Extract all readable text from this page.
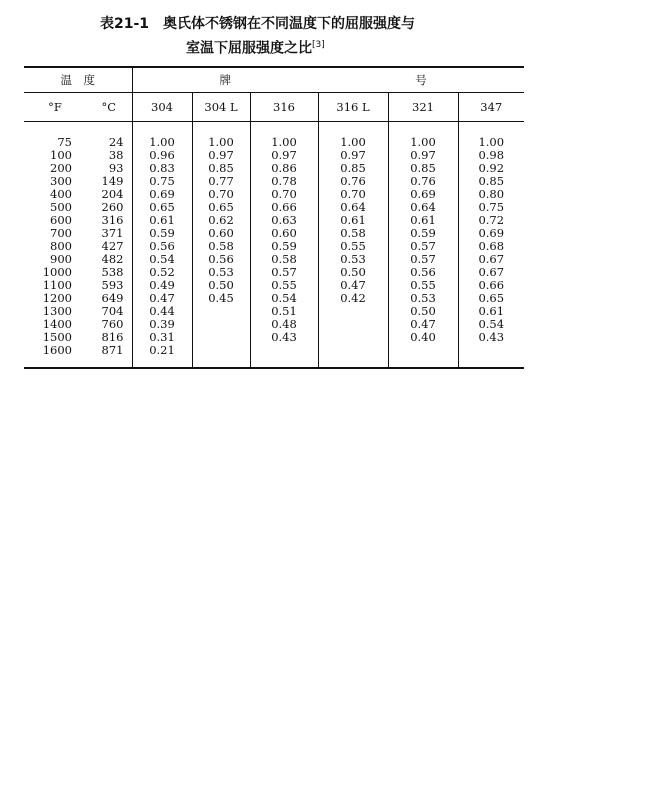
表21-1 奥氏体不锈钢在不同温度下的屈服强度与
室温下屈服强度之比[3]

温　度		牌			号		
°F	°C	304	304 L	316	316 L	321	347

75	24	1.00	1.00	1.00	1.00	1.00	1.00
100	38	0.96	0.97	0.97	0.97	0.97	0.98
200	93	0.83	0.85	0.86	0.85	0.85	0.92
300	149	0.75	0.77	0.78	0.76	0.76	0.85
400	204	0.69	0.70	0.70	0.70	0.69	0.80
500	260	0.65	0.65	0.66	0.64	0.64	0.75
600	316	0.61	0.62	0.63	0.61	0.61	0.72
700	371	0.59	0.60	0.60	0.58	0.59	0.69
800	427	0.56	0.58	0.59	0.55	0.57	0.68
900	482	0.54	0.56	0.58	0.53	0.57	0.67
1000	538	0.52	0.53	0.57	0.50	0.56	0.67
1100	593	0.49	0.50	0.55	0.47	0.55	0.66
1200	649	0.47	0.45	0.54	0.42	0.53	0.65
1300	704	0.44		0.51		0.50	0.61
1400	760	0.39		0.48		0.47	0.54
1500	816	0.31		0.43		0.40	0.43
1600	871	0.21					
